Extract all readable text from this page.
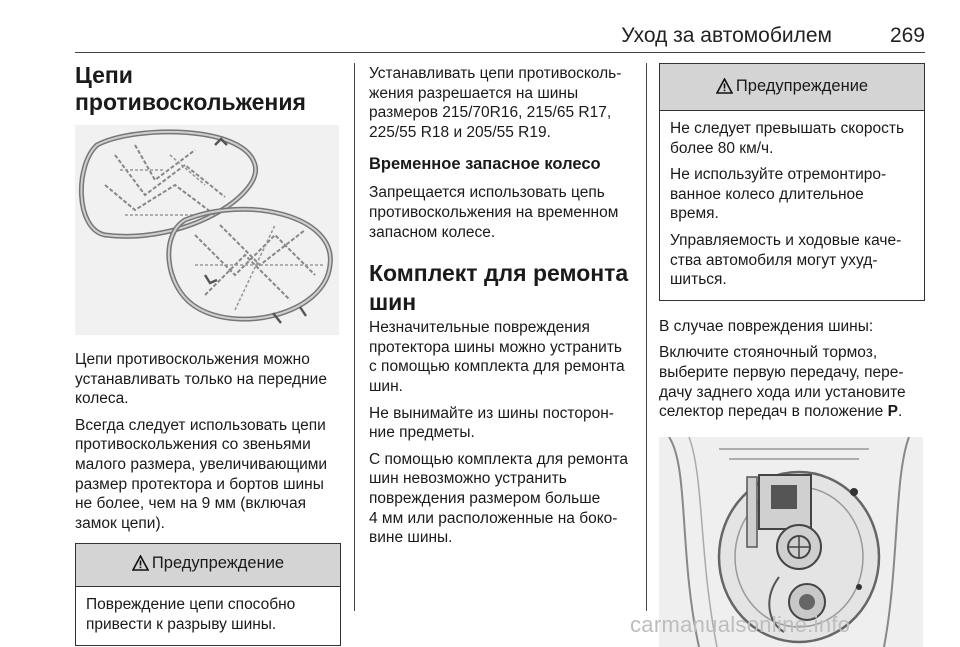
Уход за автомобилем	269
Цепи противоскольжения

Цепи противоскольжения можно

устанавливать только на передние

колеса.

Всегда следует использовать цепи

противоскольжения со звеньями

малого размера, увеличивающими

размер протектора и бортов шины

не более, чем на 9 мм (включая

замок цепи).

Предупреждение

Повреждение цепи способно

привести к разрыву шины.

Устанавливать цепи противосколь-

жения разрешается на шины

размеров 215/70R16, 215/65 R17,

225/55 R18 и 205/55 R19.

Временное запасное колесо

Запрещается использовать цепь

противоскольжения на временном

запасном колесе.

Комплект для ремонта
шин

Незначительные повреждения

протектора шины можно устранить

с помощью комплекта для ремонта

шин.

Не вынимайте из шины посторон-

ние предметы.

С помощью комплекта для ремонта

шин невозможно устранить

повреждения размером больше

4 мм или расположенные на боко-

вине шины.

Предупреждение

Не следует превышать скорость

более 80 км/ч.

Не используйте отремонтиро-

ванное колесо длительное

время.

Управляемость и ходовые каче-

ства автомобиля могут ухуд-

шиться.

В случае повреждения шины:

Включите стояночный тормоз,

выберите первую передачу, пере-

дачу заднего хода или установите

селектор передач в положение P.

carmanualsonline.info
